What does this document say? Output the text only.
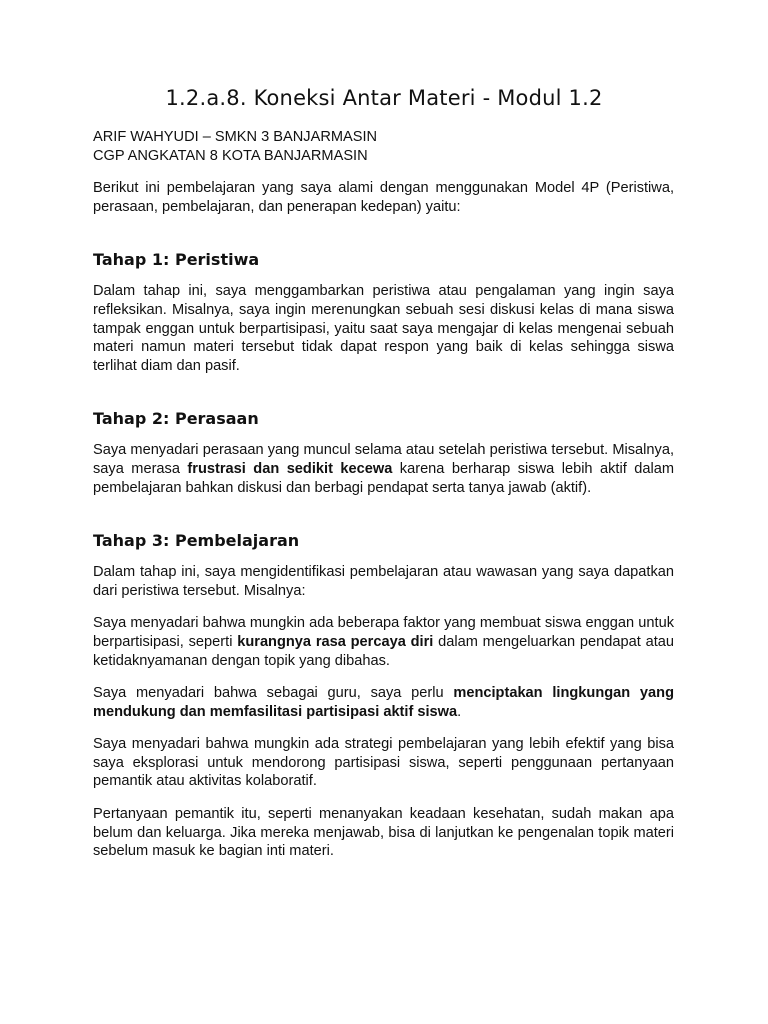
1.2.a.8. Koneksi Antar Materi - Modul 1.2
ARIF WAHYUDI – SMKN 3 BANJARMASIN
CGP ANGKATAN 8 KOTA BANJARMASIN

Berikut ini pembelajaran yang saya alami dengan menggunakan Model 4P (Peristiwa, perasaan, pembelajaran, dan penerapan kedepan) yaitu:

Tahap 1: Peristiwa

Dalam tahap ini, saya menggambarkan peristiwa atau pengalaman yang ingin saya refleksikan. Misalnya, saya ingin merenungkan sebuah sesi diskusi kelas di mana siswa tampak enggan untuk berpartisipasi, yaitu saat saya mengajar di kelas mengenai sebuah materi namun materi tersebut tidak dapat respon yang baik di kelas sehingga siswa terlihat diam dan pasif.

Tahap 2: Perasaan

Saya menyadari perasaan yang muncul selama atau setelah peristiwa tersebut. Misalnya, saya merasa frustrasi dan sedikit kecewa karena berharap siswa lebih aktif dalam pembelajaran bahkan diskusi dan berbagi pendapat serta tanya jawab (aktif).

Tahap 3: Pembelajaran

Dalam tahap ini, saya mengidentifikasi pembelajaran atau wawasan yang saya dapatkan dari peristiwa tersebut. Misalnya:

Saya menyadari bahwa mungkin ada beberapa faktor yang membuat siswa enggan untuk berpartisipasi, seperti kurangnya rasa percaya diri dalam mengeluarkan pendapat atau ketidaknyamanan dengan topik yang dibahas.

Saya menyadari bahwa sebagai guru, saya perlu menciptakan lingkungan yang mendukung dan memfasilitasi partisipasi aktif siswa.

Saya menyadari bahwa mungkin ada strategi pembelajaran yang lebih efektif yang bisa saya eksplorasi untuk mendorong partisipasi siswa, seperti penggunaan pertanyaan pemantik atau aktivitas kolaboratif.

Pertanyaan pemantik itu, seperti menanyakan keadaan kesehatan, sudah makan apa belum dan keluarga. Jika mereka menjawab, bisa di lanjutkan ke pengenalan topik materi sebelum masuk ke bagian inti materi.
